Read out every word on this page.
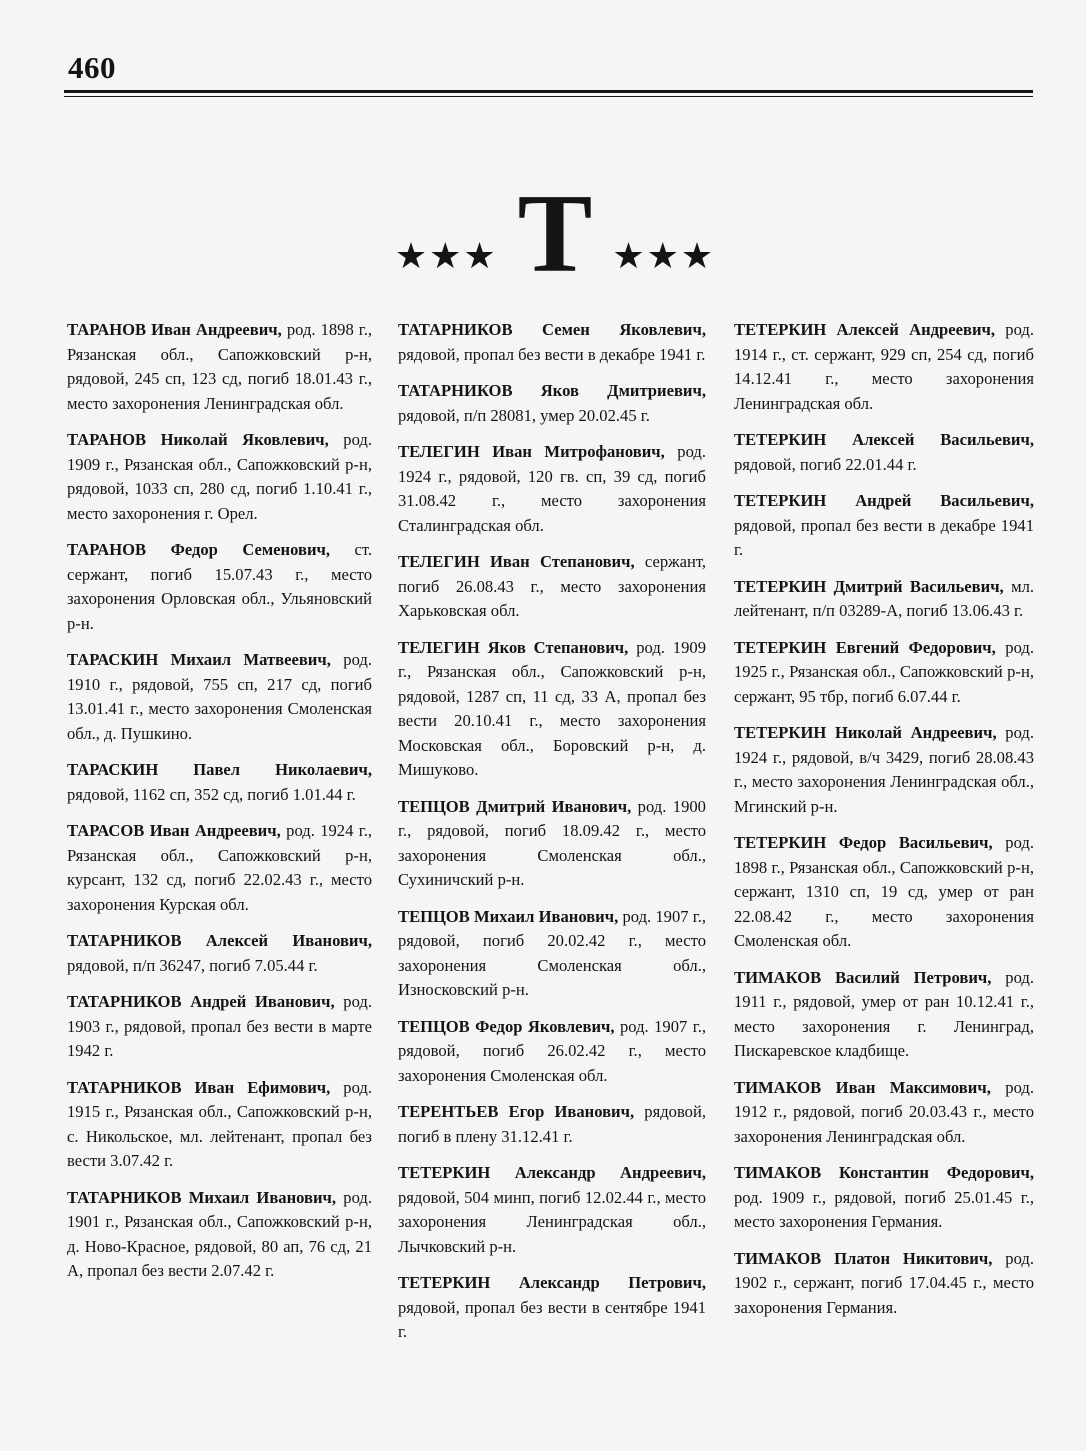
460
★★★ Т ★★★

ТАРАНОВ Иван Андреевич, род. 1898 г., Рязанская обл., Сапожковский р-н, рядовой, 245 сп, 123 сд, погиб 18.01.43 г., место захоронения Ленинградская обл.

ТАРАНОВ Николай Яковлевич, род. 1909 г., Рязанская обл., Сапожковский р-н, рядовой, 1033 сп, 280 сд, погиб 1.10.41 г., место захоронения г. Орел.

ТАРАНОВ Федор Семенович, ст. сержант, погиб 15.07.43 г., место захоронения Орловская обл., Ульяновский р-н.

ТАРАСКИН Михаил Матвеевич, род. 1910 г., рядовой, 755 сп, 217 сд, погиб 13.01.41 г., место захоронения Смоленская обл., д. Пушкино.

ТАРАСКИН Павел Николаевич, рядовой, 1162 сп, 352 сд, погиб 1.01.44 г.

ТАРАСОВ Иван Андреевич, род. 1924 г., Рязанская обл., Сапожковский р-н, курсант, 132 сд, погиб 22.02.43 г., место захоронения Курская обл.

ТАТАРНИКОВ Алексей Иванович, рядовой, п/п 36247, погиб 7.05.44 г.

ТАТАРНИКОВ Андрей Иванович, род. 1903 г., рядовой, пропал без вести в марте 1942 г.

ТАТАРНИКОВ Иван Ефимович, род. 1915 г., Рязанская обл., Сапожковский р-н, с. Никольское, мл. лейтенант, пропал без вести 3.07.42 г.

ТАТАРНИКОВ Михаил Иванович, род. 1901 г., Рязанская обл., Сапожковский р-н, д. Ново-Красное, рядовой, 80 ап, 76 сд, 21 А, пропал без вести 2.07.42 г.

ТАТАРНИКОВ Семен Яковлевич, рядовой, пропал без вести в декабре 1941 г.

ТАТАРНИКОВ Яков Дмитриевич, рядовой, п/п 28081, умер 20.02.45 г.

ТЕЛЕГИН Иван Митрофанович, род. 1924 г., рядовой, 120 гв. сп, 39 сд, погиб 31.08.42 г., место захоронения Сталинградская обл.

ТЕЛЕГИН Иван Степанович, сержант, погиб 26.08.43 г., место захоронения Харьковская обл.

ТЕЛЕГИН Яков Степанович, род. 1909 г., Рязанская обл., Сапожковский р-н, рядовой, 1287 сп, 11 сд, 33 А, пропал без вести 20.10.41 г., место захоронения Московская обл., Боровский р-н, д. Мишуково.

ТЕПЦОВ Дмитрий Иванович, род. 1900 г., рядовой, погиб 18.09.42 г., место захоронения Смоленская обл., Сухиничский р-н.

ТЕПЦОВ Михаил Иванович, род. 1907 г., рядовой, погиб 20.02.42 г., место захоронения Смоленская обл., Износковский р-н.

ТЕПЦОВ Федор Яковлевич, род. 1907 г., рядовой, погиб 26.02.42 г., место захоронения Смоленская обл.

ТЕРЕНТЬЕВ Егор Иванович, рядовой, погиб в плену 31.12.41 г.

ТЕТЕРКИН Александр Андреевич, рядовой, 504 минп, погиб 12.02.44 г., место захоронения Ленинградская обл., Лычковский р-н.

ТЕТЕРКИН Александр Петрович, рядовой, пропал без вести в сентябре 1941 г.

ТЕТЕРКИН Алексей Андреевич, род. 1914 г., ст. сержант, 929 сп, 254 сд, погиб 14.12.41 г., место захоронения Ленинградская обл.

ТЕТЕРКИН Алексей Васильевич, рядовой, погиб 22.01.44 г.

ТЕТЕРКИН Андрей Васильевич, рядовой, пропал без вести в декабре 1941 г.

ТЕТЕРКИН Дмитрий Васильевич, мл. лейтенант, п/п 03289-А, погиб 13.06.43 г.

ТЕТЕРКИН Евгений Федорович, род. 1925 г., Рязанская обл., Сапожковский р-н, сержант, 95 тбр, погиб 6.07.44 г.

ТЕТЕРКИН Николай Андреевич, род. 1924 г., рядовой, в/ч 3429, погиб 28.08.43 г., место захоронения Ленинградская обл., Мгинский р-н.

ТЕТЕРКИН Федор Васильевич, род. 1898 г., Рязанская обл., Сапожковский р-н, сержант, 1310 сп, 19 сд, умер от ран 22.08.42 г., место захоронения Смоленская обл.

ТИМАКОВ Василий Петрович, род. 1911 г., рядовой, умер от ран 10.12.41 г., место захоронения г. Ленинград, Пискаревское кладбище.

ТИМАКОВ Иван Максимович, род. 1912 г., рядовой, погиб 20.03.43 г., место захоронения Ленинградская обл.

ТИМАКОВ Константин Федорович, род. 1909 г., рядовой, погиб 25.01.45 г., место захоронения Германия.

ТИМАКОВ Платон Никитович, род. 1902 г., сержант, погиб 17.04.45 г., место захоронения Германия.
